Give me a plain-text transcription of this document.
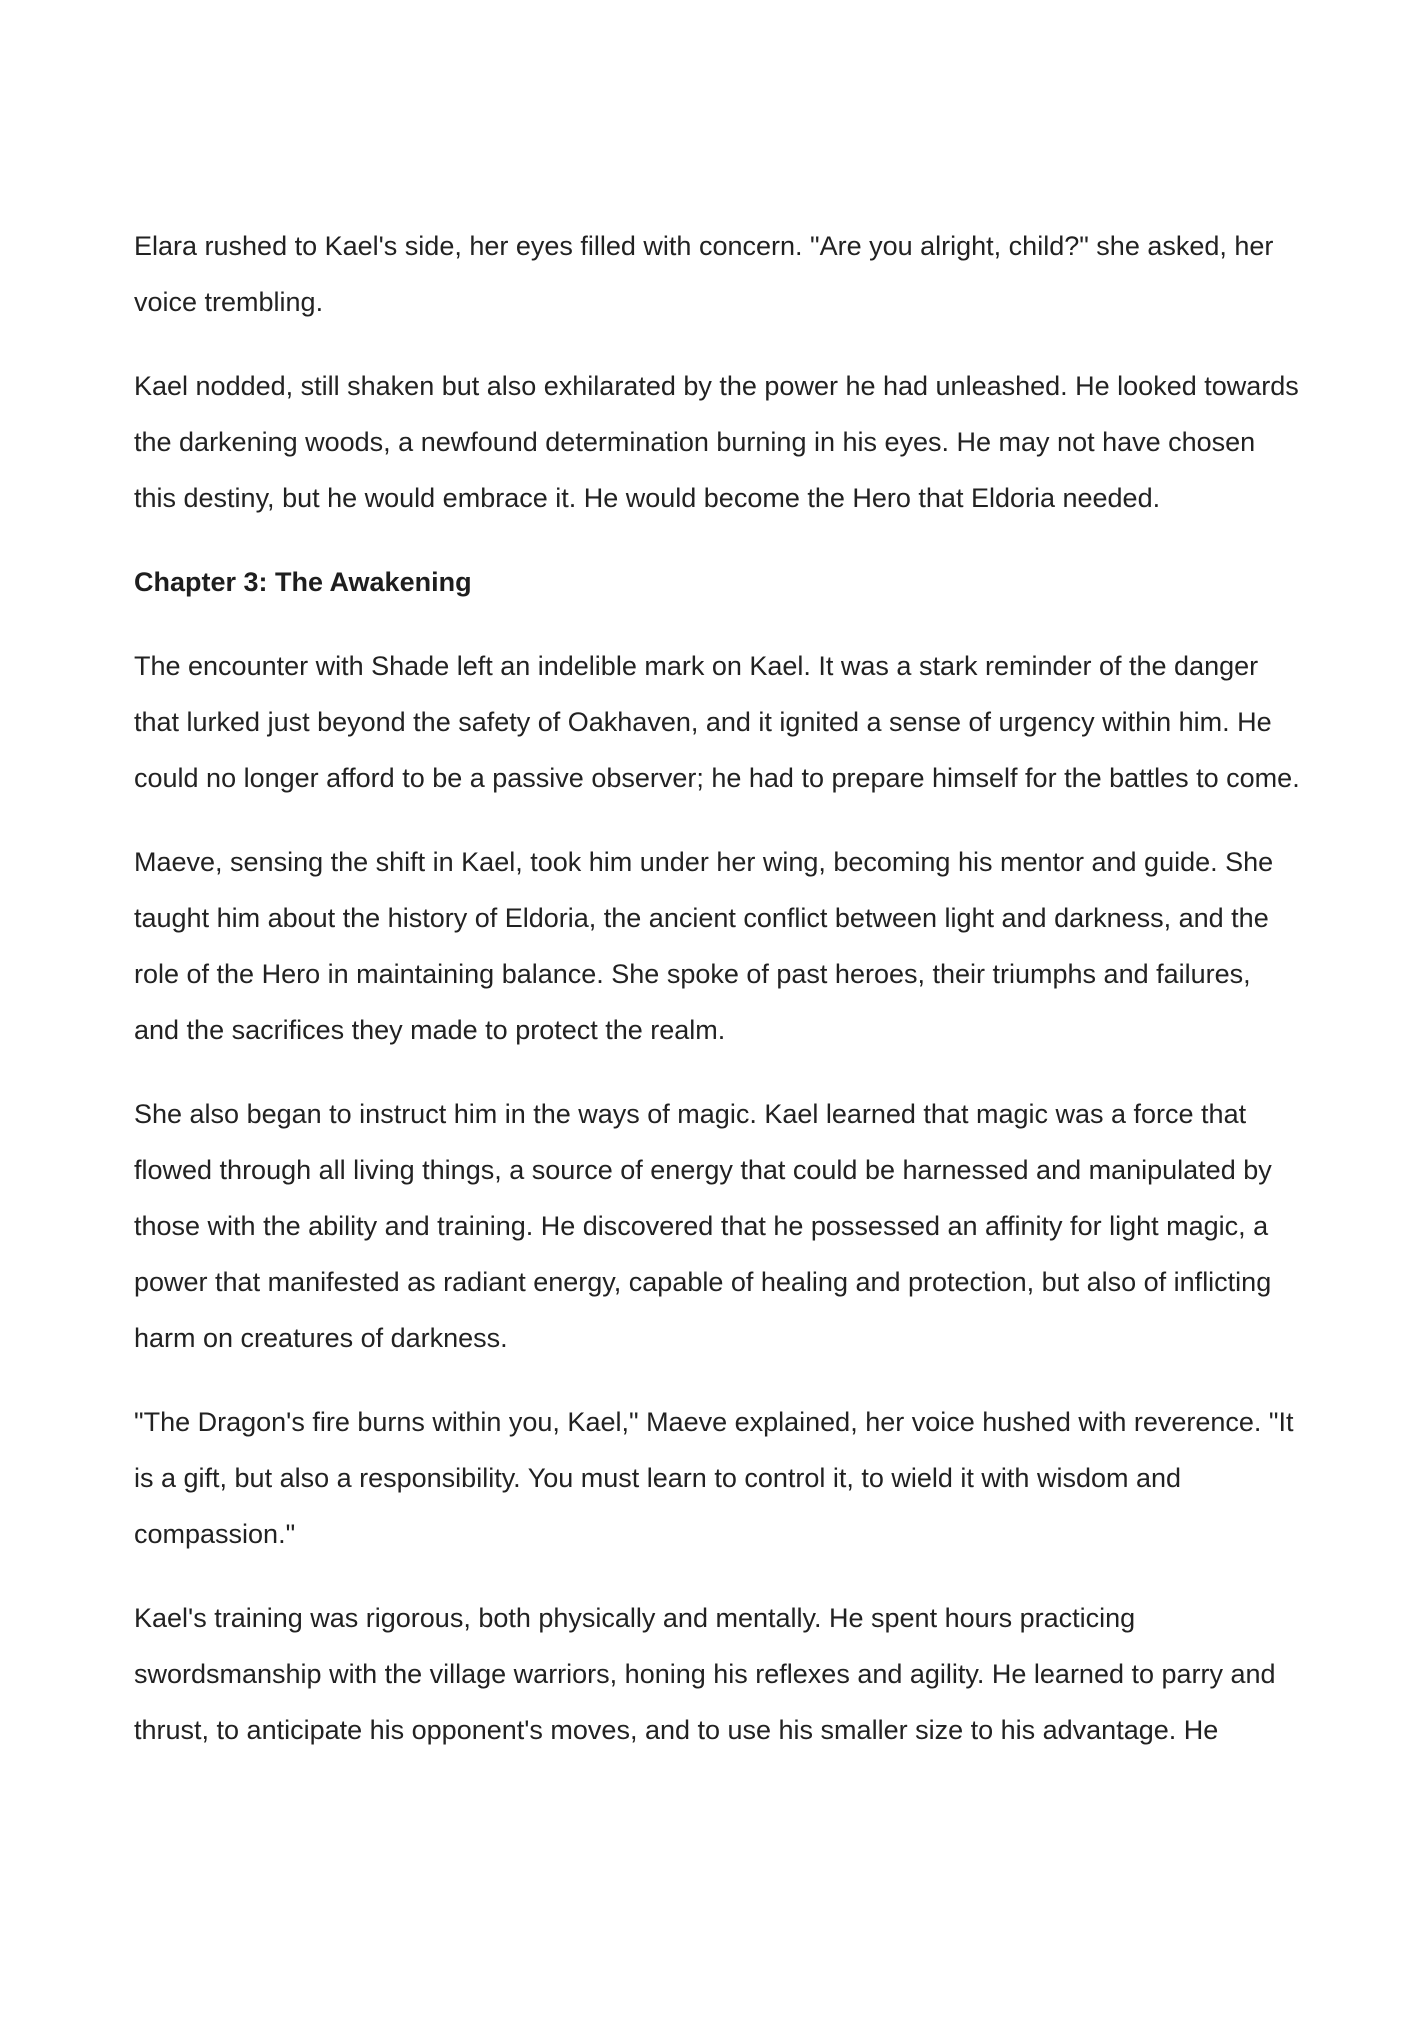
Elara rushed to Kael's side, her eyes filled with concern. "Are you alright, child?" she asked, her
voice trembling.

Kael nodded, still shaken but also exhilarated by the power he had unleashed. He looked towards
the darkening woods, a newfound determination burning in his eyes. He may not have chosen
this destiny, but he would embrace it. He would become the Hero that Eldoria needed.

Chapter 3: The Awakening

The encounter with Shade left an indelible mark on Kael. It was a stark reminder of the danger
that lurked just beyond the safety of Oakhaven, and it ignited a sense of urgency within him. He
could no longer afford to be a passive observer; he had to prepare himself for the battles to come.

Maeve, sensing the shift in Kael, took him under her wing, becoming his mentor and guide. She
taught him about the history of Eldoria, the ancient conflict between light and darkness, and the
role of the Hero in maintaining balance. She spoke of past heroes, their triumphs and failures,
and the sacrifices they made to protect the realm.

She also began to instruct him in the ways of magic. Kael learned that magic was a force that
flowed through all living things, a source of energy that could be harnessed and manipulated by
those with the ability and training. He discovered that he possessed an affinity for light magic, a
power that manifested as radiant energy, capable of healing and protection, but also of inflicting
harm on creatures of darkness.

"The Dragon's fire burns within you, Kael," Maeve explained, her voice hushed with reverence. "It
is a gift, but also a responsibility. You must learn to control it, to wield it with wisdom and
compassion."

Kael's training was rigorous, both physically and mentally. He spent hours practicing
swordsmanship with the village warriors, honing his reflexes and agility. He learned to parry and
thrust, to anticipate his opponent's moves, and to use his smaller size to his advantage. He
